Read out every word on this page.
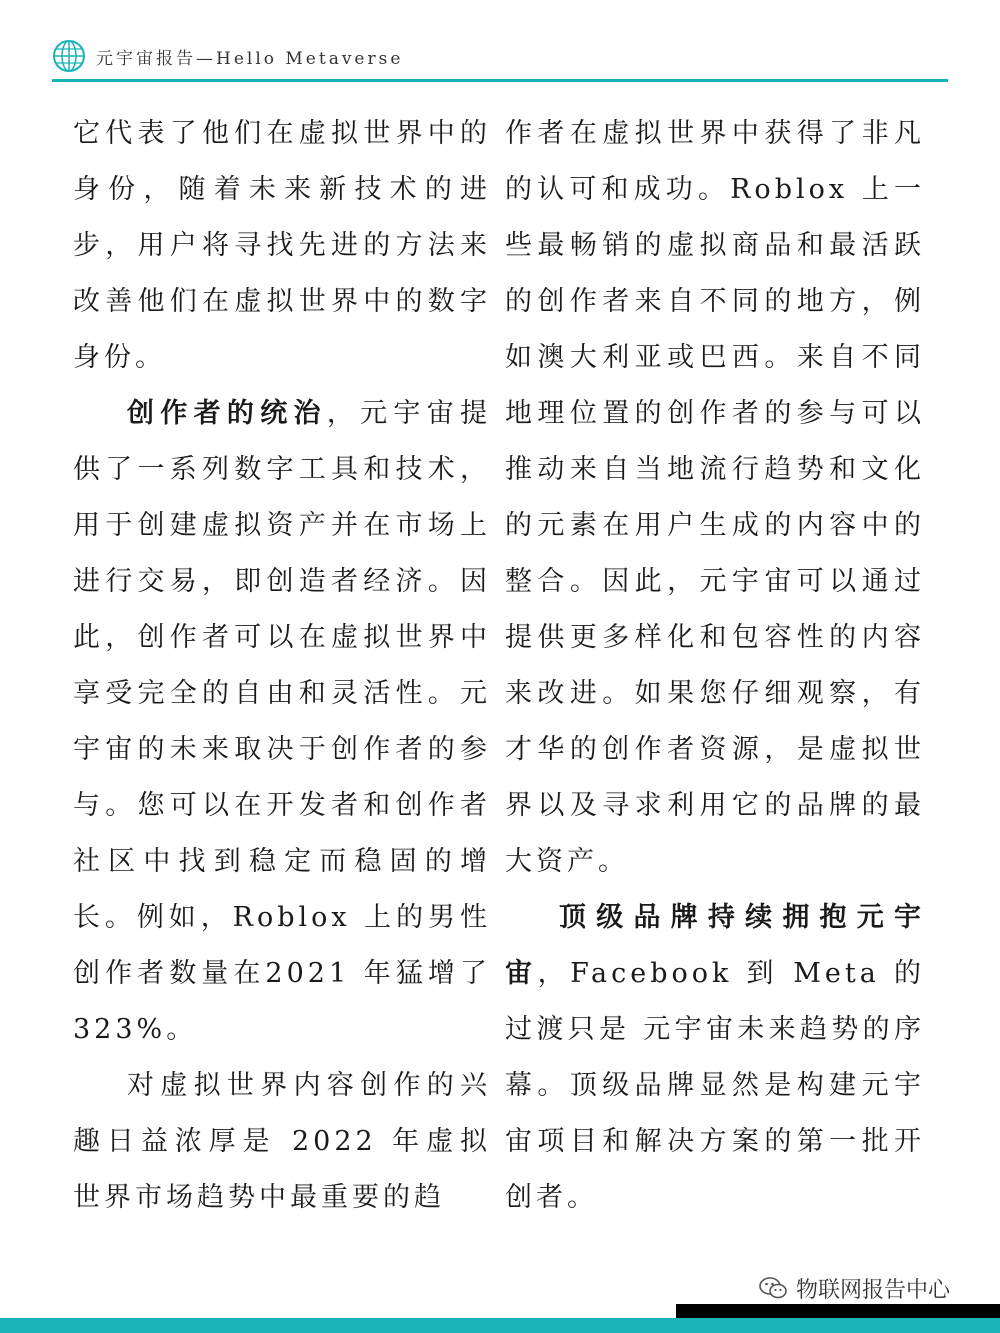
元宇宙报告—Hello Metaverse

它代表了他们在虚拟世界中的身份，随着未来新技术的进步，用户将寻找先进的方法来改善他们在虚拟世界中的数字身份。

创作者的统治，元宇宙提供了一系列数字工具和技术，用于创建虚拟资产并在市场上进行交易，即创造者经济。因此，创作者可以在虚拟世界中享受完全的自由和灵活性。元宇宙的未来取决于创作者的参与。您可以在开发者和创作者社区中找到稳定而稳固的增长。例如，Roblox 上的男性创作者数量在2021 年猛增了323%。

对虚拟世界内容创作的兴趣日益浓厚是 2022 年虚拟世界市场趋势中最重要的趋

作者在虚拟世界中获得了非凡的认可和成功。Roblox 上一些最畅销的虚拟商品和最活跃的创作者来自不同的地方，例如澳大利亚或巴西。来自不同地理位置的创作者的参与可以推动来自当地流行趋势和文化的元素在用户生成的内容中的整合。因此，元宇宙可以通过提供更多样化和包容性的内容来改进。如果您仔细观察，有才华的创作者资源，是虚拟世界以及寻求利用它的品牌的最大资产。

顶级品牌持续拥抱元宇宙，Facebook 到 Meta 的过渡只是 元宇宙未来趋势的序幕。顶级品牌显然是构建元宇宙项目和解决方案的第一批开创者。

物联网报告中心
